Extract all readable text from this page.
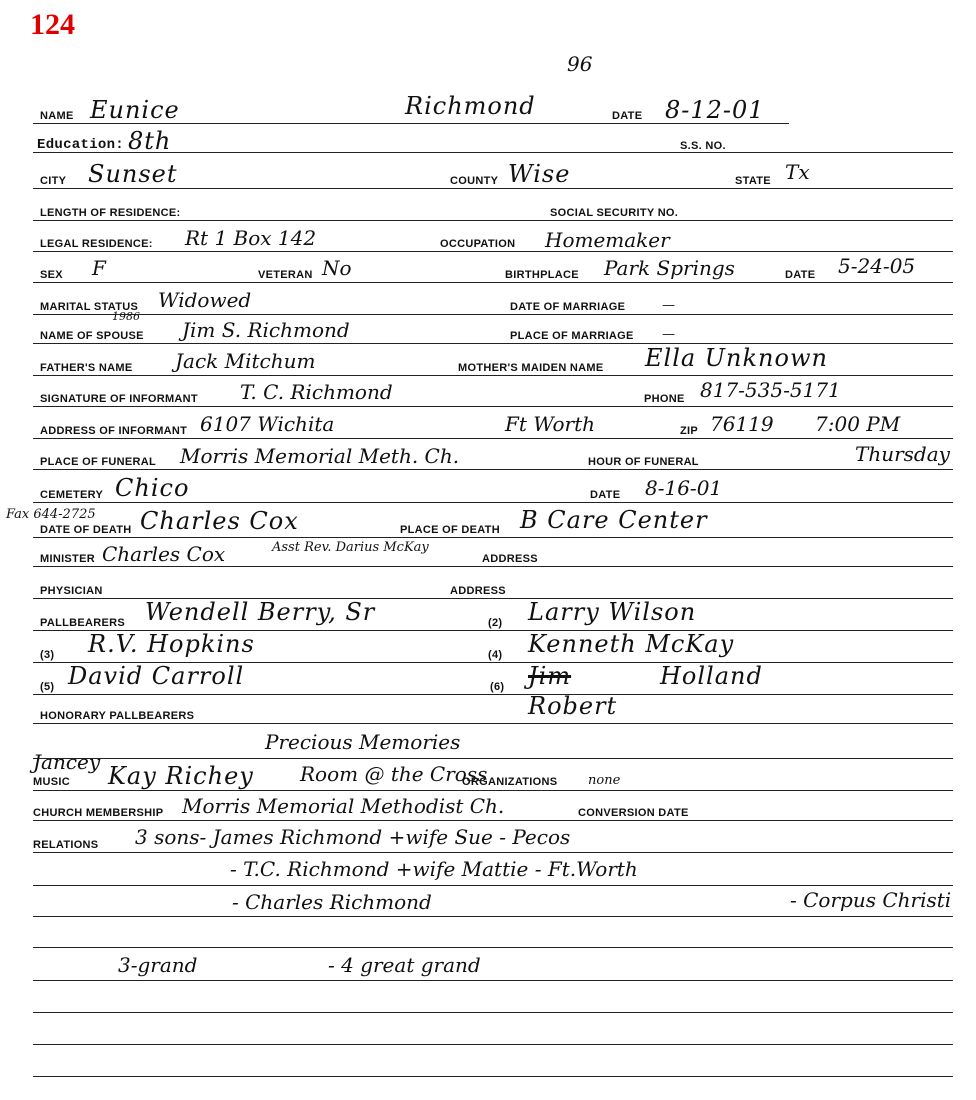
124
96
NAME Eunice	Richmond	DATE 8-12-01
Education: 8th	S.S. NO.
CITY Sunset	COUNTY Wise	STATE Tx
LENGTH OF RESIDENCE:	SOCIAL SECURITY NO.
LEGAL RESIDENCE: Rt 1 Box 142	OCCUPATION Homemaker
SEX F	VETERAN No	BIRTHPLACE Park Springs	DATE 5-24-05
MARITAL STATUS Widowed	DATE OF MARRIAGE	—
1986
NAME OF SPOUSE Jim S. Richmond	PLACE OF MARRIAGE —
FATHER'S NAME Jack Mitchum	MOTHER'S MAIDEN NAME Ella Unknown
SIGNATURE OF INFORMANT T. C. Richmond	PHONE 817-535-5171
ADDRESS OF INFORMANT 6107 Wichita	Ft Worth	ZIP 76119 7:00 PM
PLACE OF FUNERAL Morris Memorial Meth. Ch.	HOUR OF FUNERAL	Thursday
CEMETERY Chico	DATE 8-16-01
Fax 644-2725
DATE OF DEATH Charles Cox	PLACE OF DEATH B Care Center
MINISTER Charles Cox	Asst Rev. Darius McKay
ADDRESS
PHYSICIAN	ADDRESS
PALLBEARERS Wendell Berry, Sr	(2) Larry Wilson
(3) R.V. Hopkins	(4) Kenneth McKay
(5) David Carroll	(6) Jim	Holland
Robert
HONORARY PALLBEARERS
Precious Memories
Jancey
MUSIC Kay Richey Room @ the Cross
ORGANIZATIONS none
CHURCH MEMBERSHIP Morris Memorial Methodist Ch.	CONVERSION DATE
RELATIONS 3 sons- James Richmond +wife Sue - Pecos
- T.C. Richmond +wife Mattie - Ft.Worth
- Charles Richmond	- Corpus Christi
3-grand	- 4 great grand
